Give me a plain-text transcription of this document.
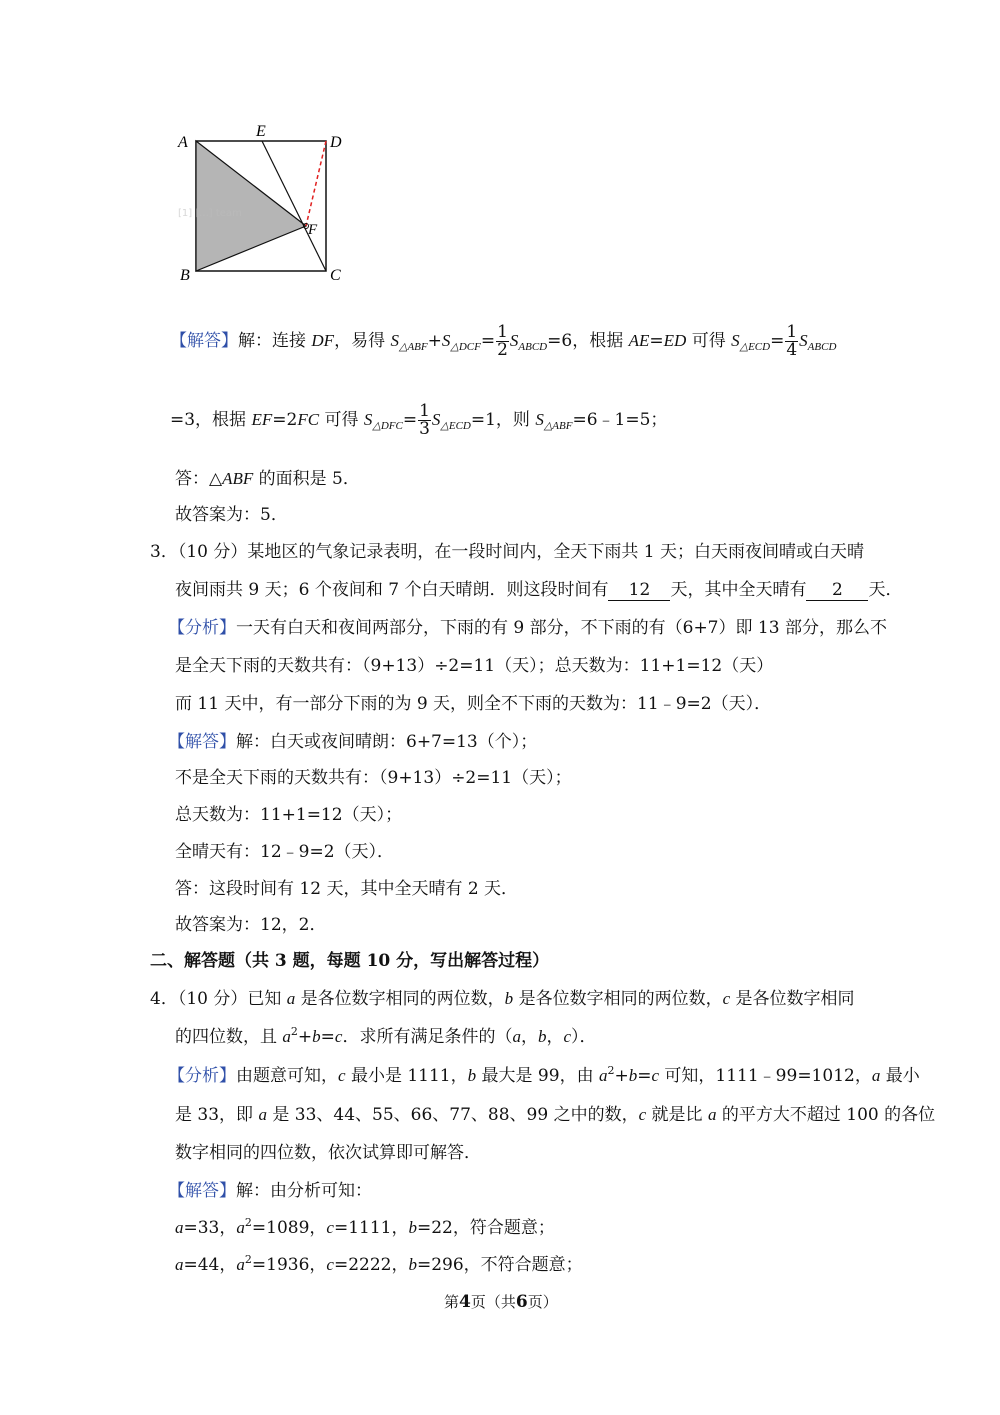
A
B	C
D
E
F
[1] [...] team
【解答】解：连接 DF，易得 $S_{\triangle ABF}+S_{\triangle DCF}= \frac{1}{2} S_{ABCD}=6$，根据 AE=ED 可得 $S_{\triangle ECD}= \frac{1}{4} S_{ABCD}$
=3，根据 EF=2FC 可得 $S_{\triangle DFC}= \frac{1}{3} S_{\triangle ECD}=1$，则 $S_{\triangle ABF}=6﹣1=5$；
答：△ABF 的面积是 5．
故答案为：5．
3．（10 分）某地区的气象记录表明，在一段时间内，全天下雨共 1 天；白天雨夜间晴或白天晴
夜间雨共 9 天；6 个夜间和 7 个白天晴朗．则这段时间有 12 天，其中全天晴有 2 天．
【分析】一天有白天和夜间两部分，下雨的有 9 部分，不下雨的有（6+7）即 13 部分，那么不
是全天下雨的天数共有：（9+13）÷2=11（天）；总天数为：11+1=12（天）
而 11 天中，有一部分下雨的为 9 天，则全不下雨的天数为：11﹣9=2（天）．
【解答】解：白天或夜间晴朗：6+7=13（个）；
不是全天下雨的天数共有：（9+13）÷2=11（天）；
总天数为：11+1=12（天）；
全晴天有：12﹣9=2（天）．
答：这段时间有 12 天，其中全天晴有 2 天．
故答案为：12，2．
二、解答题（共 3 题，每题 10 分，写出解答过程）
4．（10 分）已知 a 是各位数字相同的两位数，b 是各位数字相同的两位数，c 是各位数字相同
的四位数，且 $a^2+b=c$．求所有满足条件的（a，b，c）．
【分析】由题意可知，c 最小是 1111，b 最大是 99，由 $a^2+b=c$ 可知，1111﹣99=1012，a 最小
是 33，即 a 是 33、44、55、66、77、88、99 之中的数，c 就是比 a 的平方大不超过 100 的各位
数字相同的四位数，依次试算即可解答．
【解答】解：由分析可知：
a=33，$a^2=1089$，c=1111，b=22，符合题意；
a=44，$a^2=1936$，c=2222，b=296，不符合题意；
第4页（共6页）
